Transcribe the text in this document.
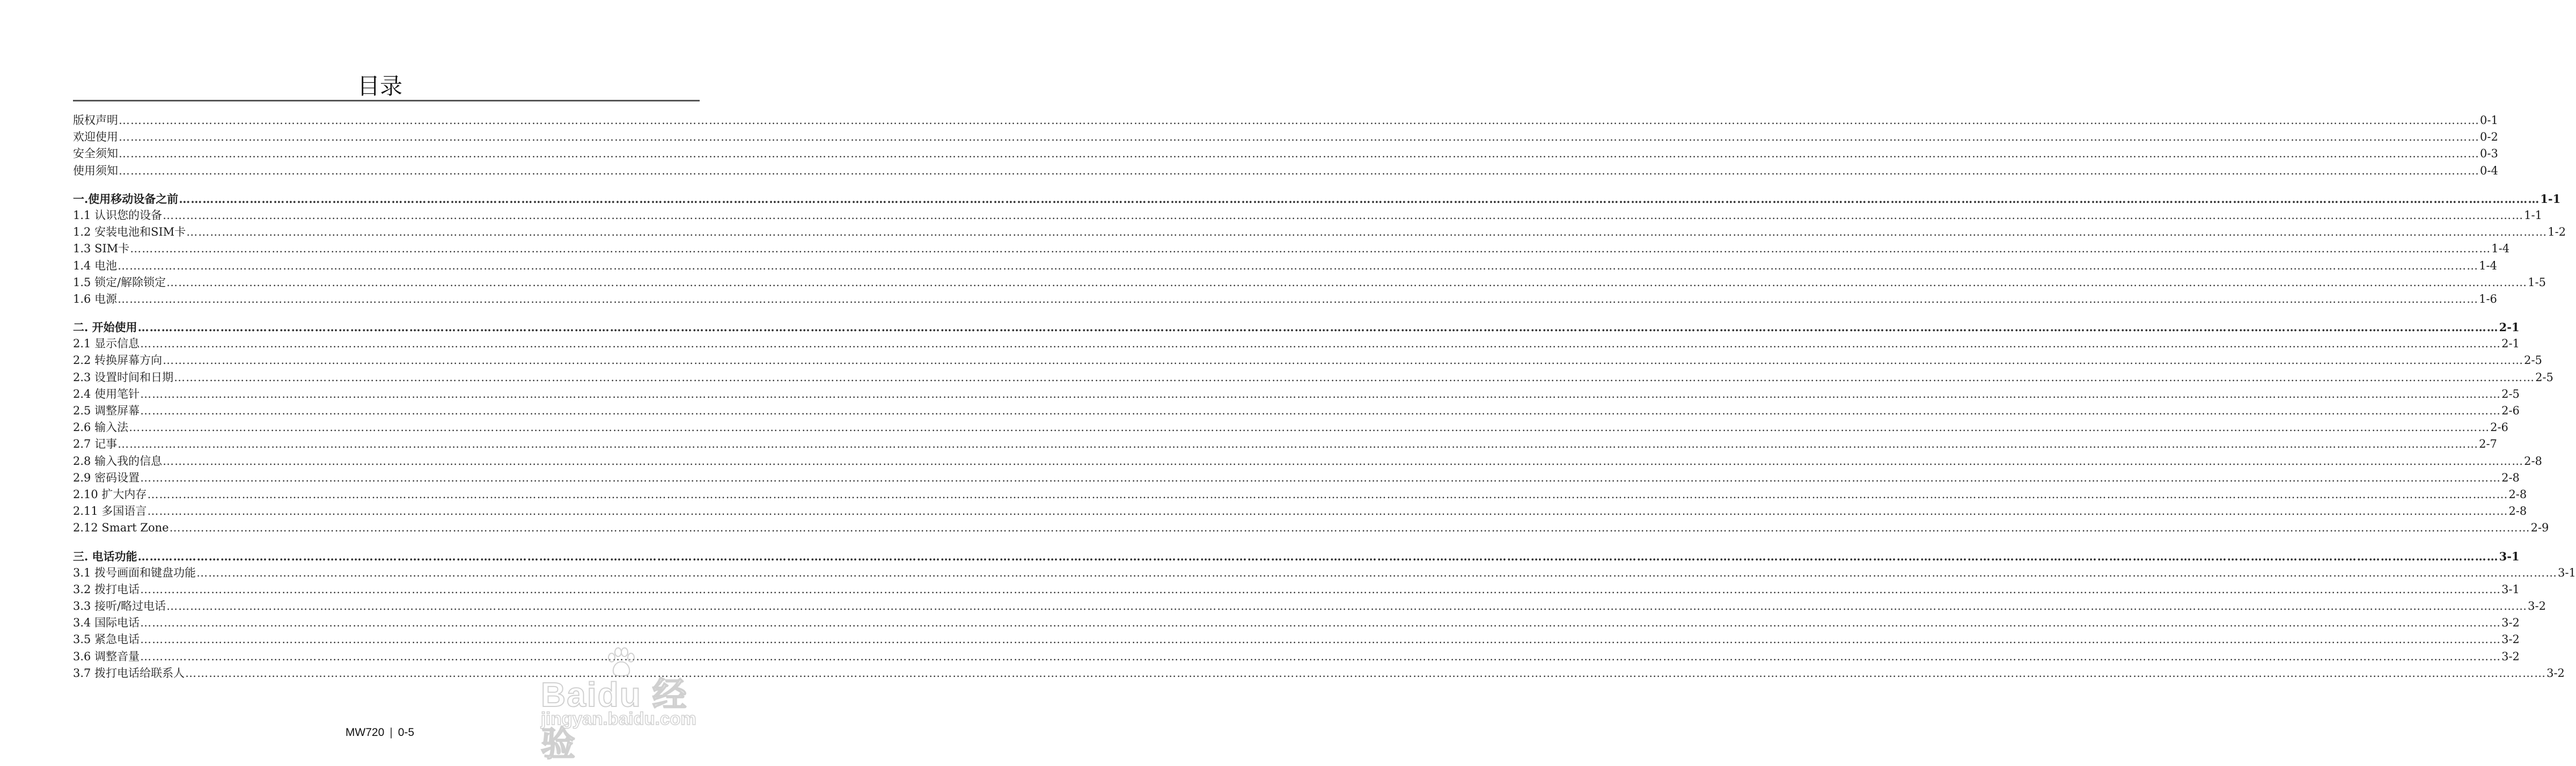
目录
版权声明 …………………………………………………………………………………………………………………………………………………………………………………………………………………………………………………………………………………………………………………………………………………………………………………………………………………………………………………………………………………………………………………………………………………… 0-1
欢迎使用 …………………………………………………………………………………………………………………………………………………………………………………………………………………………………………………………………………………………………………………………………………………………………………………………………………………………………………………………………………………………………………………………………………………… 0-2
安全须知 …………………………………………………………………………………………………………………………………………………………………………………………………………………………………………………………………………………………………………………………………………………………………………………………………………………………………………………………………………………………………………………………………………………… 0-3
使用须知 …………………………………………………………………………………………………………………………………………………………………………………………………………………………………………………………………………………………………………………………………………………………………………………………………………………………………………………………………………………………………………………………………………………… 0-4
一.使用移动设备之前 …………………………………………………………………………………………………………………………………………………………………………………………………………………………………………………………………………………………………………………………………………………………………………………………………………………………………………………………………………………………………………………………………………………… 1-1
1.1 认识您的设备 …………………………………………………………………………………………………………………………………………………………………………………………………………………………………………………………………………………………………………………………………………………………………………………………………………………………………………………………………………………………………………………………………………………… 1-1
1.2 安装电池和SIM卡 …………………………………………………………………………………………………………………………………………………………………………………………………………………………………………………………………………………………………………………………………………………………………………………………………………………………………………………………………………………………………………………………………………………… 1-2
1.3 SIM卡 …………………………………………………………………………………………………………………………………………………………………………………………………………………………………………………………………………………………………………………………………………………………………………………………………………………………………………………………………………………………………………………………………………………… 1-4
1.4 电池 …………………………………………………………………………………………………………………………………………………………………………………………………………………………………………………………………………………………………………………………………………………………………………………………………………………………………………………………………………………………………………………………………………………… 1-4
1.5 锁定/解除锁定 …………………………………………………………………………………………………………………………………………………………………………………………………………………………………………………………………………………………………………………………………………………………………………………………………………………………………………………………………………………………………………………………………………………… 1-5
1.6 电源 …………………………………………………………………………………………………………………………………………………………………………………………………………………………………………………………………………………………………………………………………………………………………………………………………………………………………………………………………………………………………………………………………………………… 1-6
二. 开始使用 …………………………………………………………………………………………………………………………………………………………………………………………………………………………………………………………………………………………………………………………………………………………………………………………………………………………………………………………………………………………………………………………………………………… 2-1
2.1 显示信息 …………………………………………………………………………………………………………………………………………………………………………………………………………………………………………………………………………………………………………………………………………………………………………………………………………………………………………………………………………………………………………………………………………………… 2-1
2.2 转换屏幕方向 …………………………………………………………………………………………………………………………………………………………………………………………………………………………………………………………………………………………………………………………………………………………………………………………………………………………………………………………………………………………………………………………………………………… 2-5
2.3 设置时间和日期 …………………………………………………………………………………………………………………………………………………………………………………………………………………………………………………………………………………………………………………………………………………………………………………………………………………………………………………………………………………………………………………………………………………… 2-5
2.4 使用笔针 …………………………………………………………………………………………………………………………………………………………………………………………………………………………………………………………………………………………………………………………………………………………………………………………………………………………………………………………………………………………………………………………………………………… 2-5
2.5 调整屏幕 …………………………………………………………………………………………………………………………………………………………………………………………………………………………………………………………………………………………………………………………………………………………………………………………………………………………………………………………………………………………………………………………………………………… 2-6
2.6 输入法 …………………………………………………………………………………………………………………………………………………………………………………………………………………………………………………………………………………………………………………………………………………………………………………………………………………………………………………………………………………………………………………………………………………… 2-6
2.7 记事 …………………………………………………………………………………………………………………………………………………………………………………………………………………………………………………………………………………………………………………………………………………………………………………………………………………………………………………………………………………………………………………………………………………… 2-7
2.8 输入我的信息 …………………………………………………………………………………………………………………………………………………………………………………………………………………………………………………………………………………………………………………………………………………………………………………………………………………………………………………………………………………………………………………………………………………… 2-8
2.9 密码设置 …………………………………………………………………………………………………………………………………………………………………………………………………………………………………………………………………………………………………………………………………………………………………………………………………………………………………………………………………………………………………………………………………………………… 2-8
2.10 扩大内存 …………………………………………………………………………………………………………………………………………………………………………………………………………………………………………………………………………………………………………………………………………………………………………………………………………………………………………………………………………………………………………………………………………………… 2-8
2.11 多国语言 …………………………………………………………………………………………………………………………………………………………………………………………………………………………………………………………………………………………………………………………………………………………………………………………………………………………………………………………………………………………………………………………………………………… 2-8
2.12 Smart Zone …………………………………………………………………………………………………………………………………………………………………………………………………………………………………………………………………………………………………………………………………………………………………………………………………………………………………………………………………………………………………………………………………………………… 2-9
三. 电话功能 …………………………………………………………………………………………………………………………………………………………………………………………………………………………………………………………………………………………………………………………………………………………………………………………………………………………………………………………………………………………………………………………………………………… 3-1
3.1 拨号画面和键盘功能 …………………………………………………………………………………………………………………………………………………………………………………………………………………………………………………………………………………………………………………………………………………………………………………………………………………………………………………………………………………………………………………………………………………… 3-1
3.2 拨打电话 …………………………………………………………………………………………………………………………………………………………………………………………………………………………………………………………………………………………………………………………………………………………………………………………………………………………………………………………………………………………………………………………………………………… 3-1
3.3 接听/略过电话 …………………………………………………………………………………………………………………………………………………………………………………………………………………………………………………………………………………………………………………………………………………………………………………………………………………………………………………………………………………………………………………………………………………… 3-2
3.4 国际电话 …………………………………………………………………………………………………………………………………………………………………………………………………………………………………………………………………………………………………………………………………………………………………………………………………………………………………………………………………………………………………………………………………………………… 3-2
3.5 紧急电话 …………………………………………………………………………………………………………………………………………………………………………………………………………………………………………………………………………………………………………………………………………………………………………………………………………………………………………………………………………………………………………………………………………………… 3-2
3.6 调整音量 …………………………………………………………………………………………………………………………………………………………………………………………………………………………………………………………………………………………………………………………………………………………………………………………………………………………………………………………………………………………………………………………………………………… 3-2
3.7 拨打电话给联系人 …………………………………………………………………………………………………………………………………………………………………………………………………………………………………………………………………………………………………………………………………………………………………………………………………………………………………………………………………………………………………………………………………………………… 3-2
MW720 | 0-5
Baidu 经验
jingyan.baidu.com
